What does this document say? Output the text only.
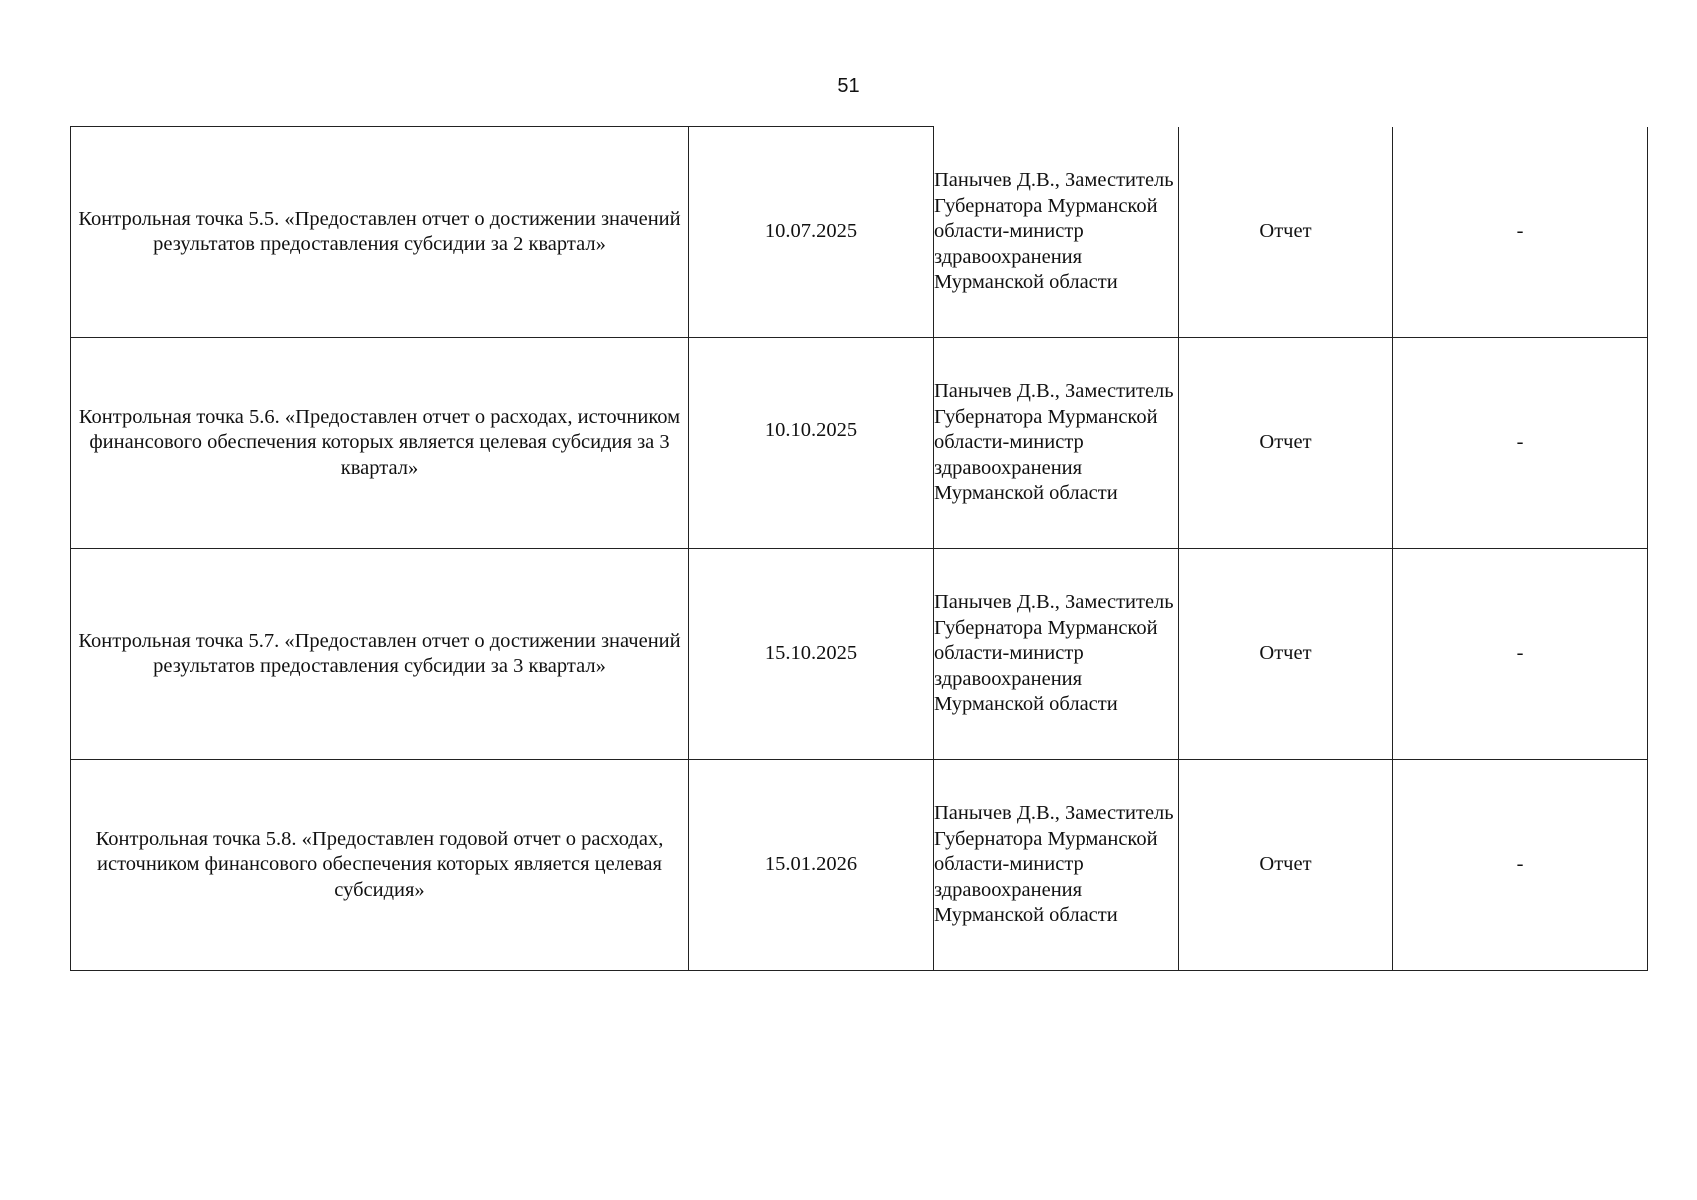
51
Контрольная точка 5.5. «Предоставлен отчет о достижении значений результатов предоставления субсидии за 2 квартал»	10.07.2025	Панычев Д.В., Заместитель Губернатора Мурманской области-министр здравоохранения Мурманской области	Отчет	-

Контрольная точка 5.6. «Предоставлен отчет о расходах, источником финансового обеспечения которых является целевая субсидия за 3 квартал»	10.10.2025	Панычев Д.В., Заместитель Губернатора Мурманской области-министр здравоохранения Мурманской области	Отчет	-

Контрольная точка 5.7. «Предоставлен отчет о достижении значений результатов предоставления субсидии за 3 квартал»	15.10.2025	Панычев Д.В., Заместитель Губернатора Мурманской области-министр здравоохранения Мурманской области	Отчет	-

Контрольная точка 5.8. «Предоставлен годовой отчет о расходах, источником финансового обеспечения которых является целевая субсидия»	15.01.2026	Панычев Д.В., Заместитель Губернатора Мурманской области-министр здравоохранения Мурманской области	Отчет	-
